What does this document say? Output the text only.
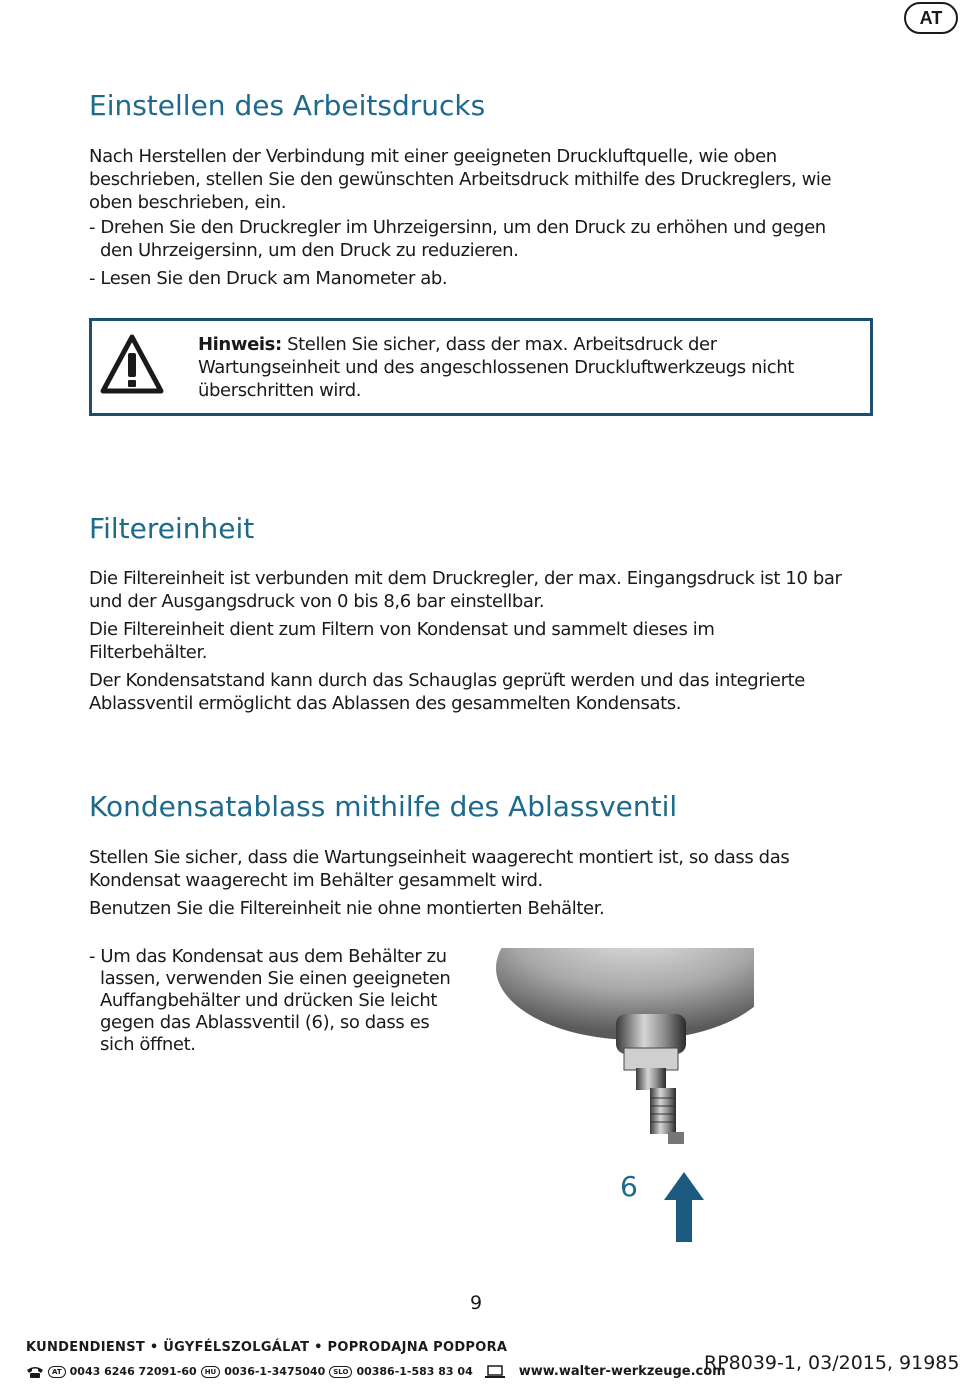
AT
Einstellen des Arbeitsdrucks

Nach Herstellen der Verbindung mit einer geeigneten Druckluftquelle, wie oben

beschrieben, stellen Sie den gewünschten Arbeitsdruck mithilfe des Druckreglers, wie

oben beschrieben, ein.

- Drehen Sie den Druckregler im Uhrzeigersinn, um den Druck zu erhöhen und gegen

den Uhrzeigersinn, um den Druck zu reduzieren.

- Lesen Sie den Druck am Manometer ab.

Hinweis: Stellen Sie sicher, dass der max. Arbeitsdruck der
Wartungseinheit und des angeschlossenen Druckluftwerkzeugs nicht
überschritten wird.
Filtereinheit

Die Filtereinheit ist verbunden mit dem Druckregler, der max. Eingangsdruck ist 10 bar

und der Ausgangsdruck von 0 bis 8,6 bar einstellbar.

Die Filtereinheit dient zum Filtern von Kondensat und sammelt dieses im

Filterbehälter.

Der Kondensatstand kann durch das Schauglas geprüft werden und das integrierte

Ablassventil ermöglicht das Ablassen des gesammelten Kondensats.

Kondensatablass mithilfe des Ablassventil

Stellen Sie sicher, dass die Wartungseinheit waagerecht montiert ist, so dass das

Kondensat waagerecht im Behälter gesammelt wird.

Benutzen Sie die Filtereinheit nie ohne montierten Behälter.

- Um das Kondensat aus dem Behälter zu

lassen, verwenden Sie einen geeigneten

Auffangbehälter und drücken Sie leicht

gegen das Ablassventil (6), so dass es

sich öffnet.

6
9
KUNDENDIENST • ÜGYFÉLSZOLGÁLAT • POPRODAJNA PODPORA
AT 0043 6246 72091-60	HU 0036-1-3475040	SLO 00386-1-583 83 04	www.walter-werkzeuge.com
RP8039-1, 03/2015, 91985
